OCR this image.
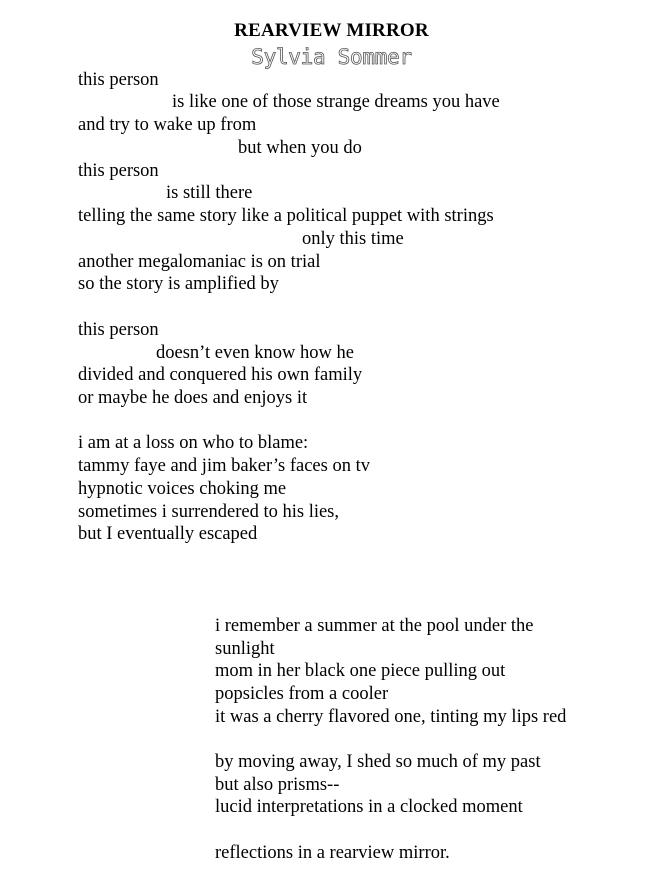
REARVIEW MIRROR
Sylvia Sommer
this person
is like one of those strange dreams you have
and try to wake up from
but when you do
this person
is still there
telling the same story like a political puppet with strings
only this time
another megalomaniac is on trial
so the story is amplified by
this person
doesn’t even know how he
divided and conquered his own family
or maybe he does and enjoys it
i am at a loss on who to blame:
tammy faye and jim baker’s faces on tv
hypnotic voices choking me
sometimes i surrendered to his lies,
but I eventually escaped
i remember a summer at the pool under the
sunlight
mom in her black one piece pulling out
popsicles from a cooler
it was a cherry flavored one, tinting my lips red
by moving away, I shed so much of my past
but also prisms--
lucid interpretations in a clocked moment
reflections in a rearview mirror.
